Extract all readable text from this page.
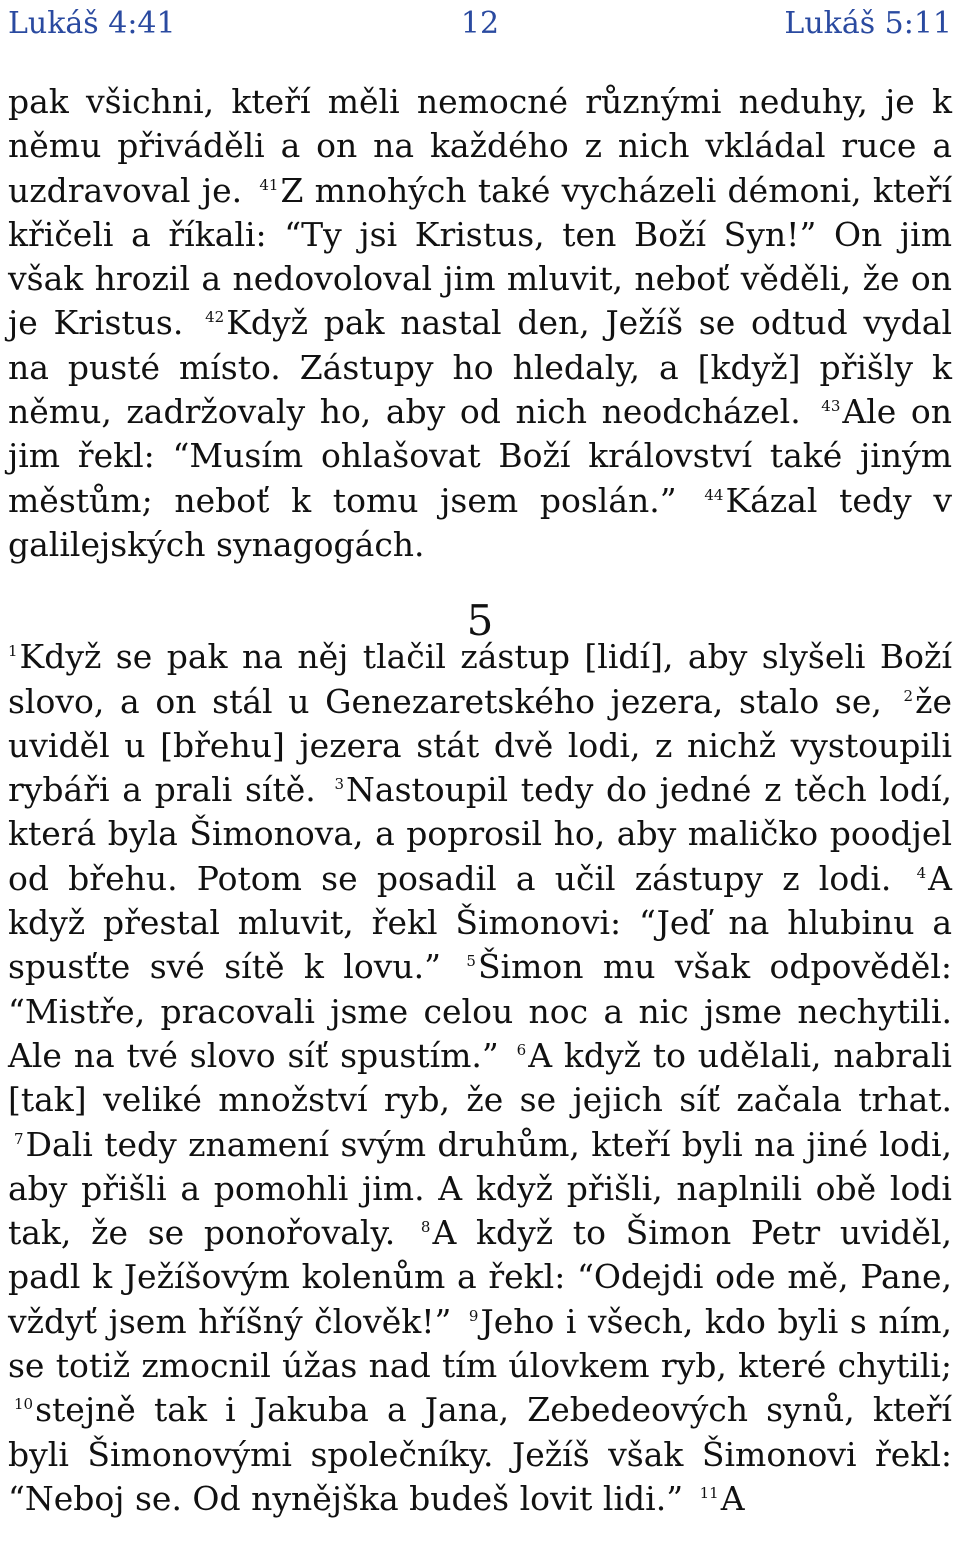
12
Lukáš 4:41	Lukáš 5:11

pak všichni, kteří měli nemocné různými neduhy, je k němu přiváděli a on na každého z nich vkládal ruce a uzdravoval je. $^{41}$Z mnohých také vycházeli démoni, kteří křičeli a říkali: “Ty jsi Kristus, ten Boží Syn!” On jim však hrozil a nedovoloval jim mluvit, neboť věděli, že on je Kristus. $^{42}$Když pak nastal den, Ježíš se odtud vydal na pusté místo. Zástupy ho hledaly, a [když] přišly k němu, zadržovaly ho, aby od nich neodcházel. $^{43}$Ale on jim řekl: “Musím ohlašovat Boží království také jiným městům; neboť k tomu jsem poslán.” $^{44}$Kázal tedy v galilejských synagogách.

5

$^1$Když se pak na něj tlačil zástup [lidí], aby slyšeli Boží slovo, a on stál u Genezaretského jezera, stalo se, $^2$že uviděl u [břehu] jezera stát dvě lodi, z nichž vystoupili rybáři a prali sítě. $^3$Nastoupil tedy do jedné z těch lodí, která byla Šimonova, a poprosil ho, aby maličko poodjel od břehu. Potom se posadil a učil zástupy z lodi. $^4$A když přestal mluvit, řekl Šimonovi: “Jeď na hlubinu a spusťte své sítě k lovu.” $^5$Šimon mu však odpověděl: “Mistře, pracovali jsme celou noc a nic jsme nechytili. Ale na tvé slovo síť spustím.” $^6$A když to udělali, nabrali [tak] veliké množství ryb, že se jejich síť začala trhat. $^7$Dali tedy znamení svým druhům, kteří byli na jiné lodi, aby přišli a pomohli jim. A když přišli, naplnili obě lodi tak, že se ponořovaly. $^8$A když to Šimon Petr uviděl, padl k Ježíšovým kolenům a řekl: “Odejdi ode mě, Pane, vždyť jsem hříšný člověk!” $^9$Jeho i všech, kdo byli s ním, se totiž zmocnil úžas nad tím úlovkem ryb, které chytili; $^{10}$stejně tak i Jakuba a Jana, Zebedeových synů, kteří byli Šimonovými společníky. Ježíš však Šimonovi řekl: “Neboj se. Od nynějška budeš lovit lidi.” $^{11}$A
